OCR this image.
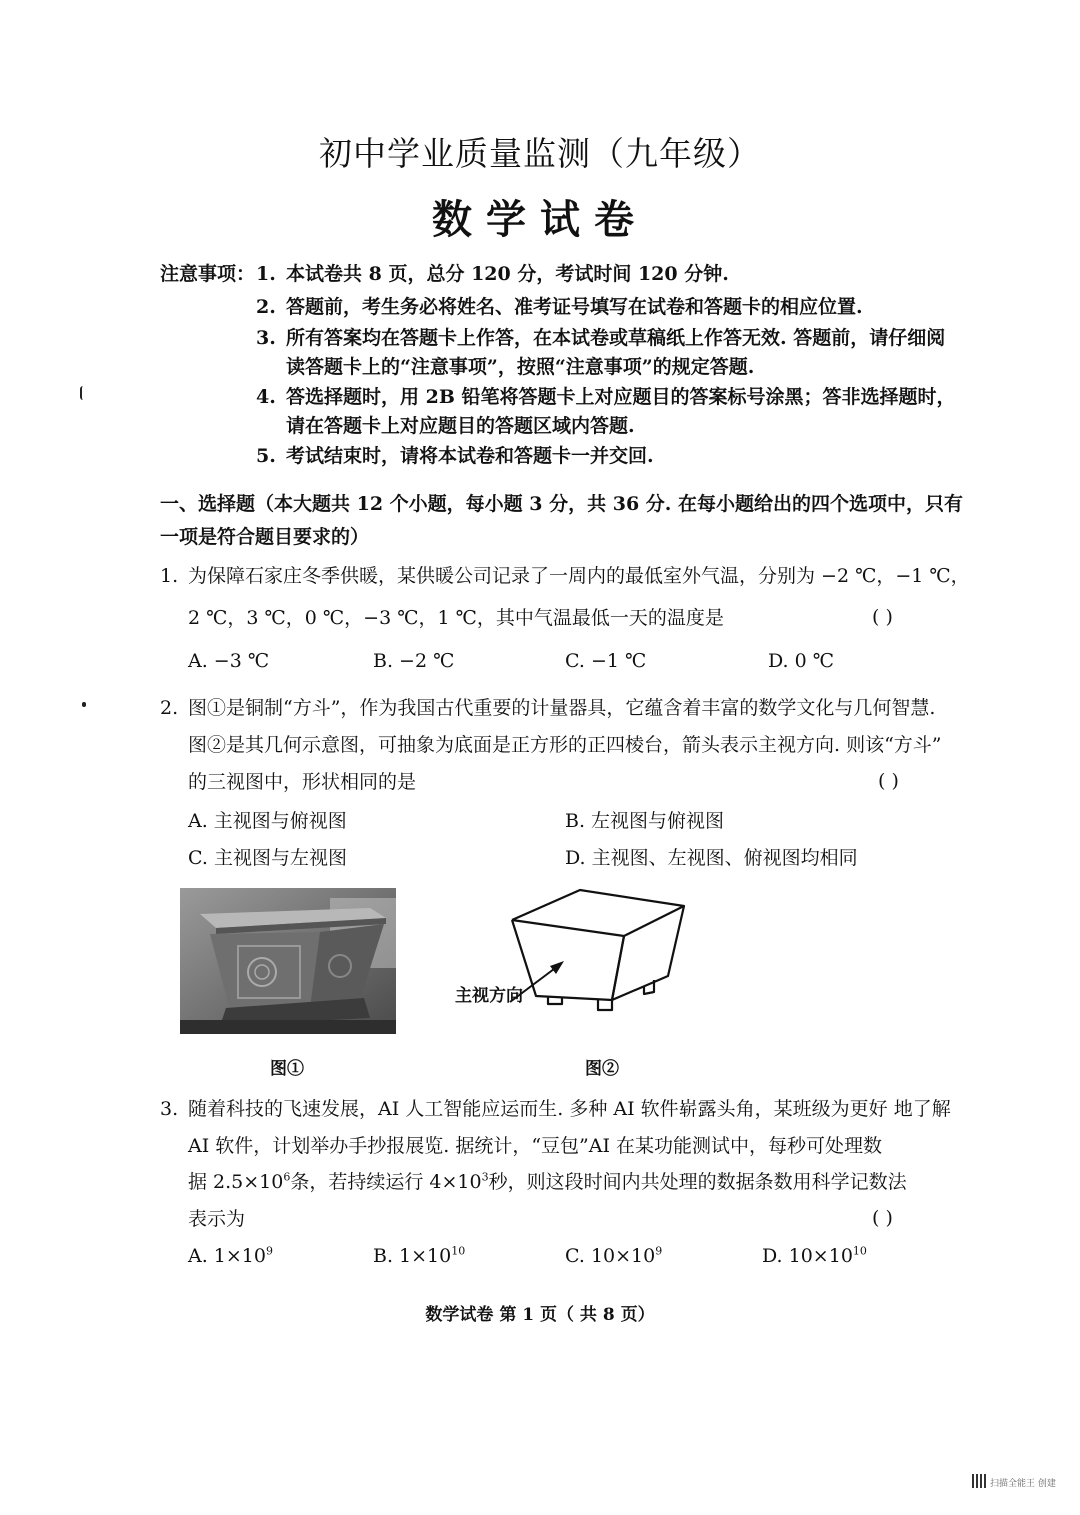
初中学业质量监测（九年级）
数学试卷
注意事项： 1. 本试卷共 8 页，总分 120 分，考试时间 120 分钟.
2. 答题前，考生务必将姓名、准考证号填写在试卷和答题卡的相应位置.
3. 所有答案均在答题卡上作答，在本试卷或草稿纸上作答无效. 答题前，请仔细阅
读答题卡上的“注意事项”，按照“注意事项”的规定答题.
4. 答选择题时，用 2B 铅笔将答题卡上对应题目的答案标号涂黑；答非选择题时，
请在答题卡上对应题目的答题区域内答题.
5. 考试结束时，请将本试卷和答题卡一并交回.
一、选择题（本大题共 12 个小题，每小题 3 分，共 36 分. 在每小题给出的四个选项中，只有
一项是符合题目要求的）
1. 为保障石家庄冬季供暖，某供暖公司记录了一周内的最低室外气温，分别为 −2 ℃，−1 ℃，
2 ℃，3 ℃，0 ℃，−3 ℃，1 ℃，其中气温最低一天的温度是	( )
A. −3 ℃	B. −2 ℃	C. −1 ℃	D. 0 ℃
2. 图①是铜制“方斗”，作为我国古代重要的计量器具，它蕴含着丰富的数学文化与几何智慧.
图②是其几何示意图，可抽象为底面是正方形的正四棱台，箭头表示主视方向. 则该“方斗”
的三视图中，形状相同的是	( )
A. 主视图与俯视图	B. 左视图与俯视图
C. 主视图与左视图	D. 主视图、左视图、俯视图均相同
图①
主视方向
图②
3. 随着科技的飞速发展，AI 人工智能应运而生. 多种 AI 软件崭露头角，某班级为更好 地了解
AI 软件，计划举办手抄报展览. 据统计，“豆包”AI 在某功能测试中，每秒可处理数
据 $2.5\times 10^6$条，若持续运行 $4\times 10^3$秒，则这段时间内共处理的数据条数用科学记数法
表示为	( )
A. $1\times 10^9$	B. $1\times 10^{10}$	C. $10\times 10^9$	D. $10\times 10^{10}$
数学试卷 第 1 页（ 共 8 页）
扫描全能王 创建
